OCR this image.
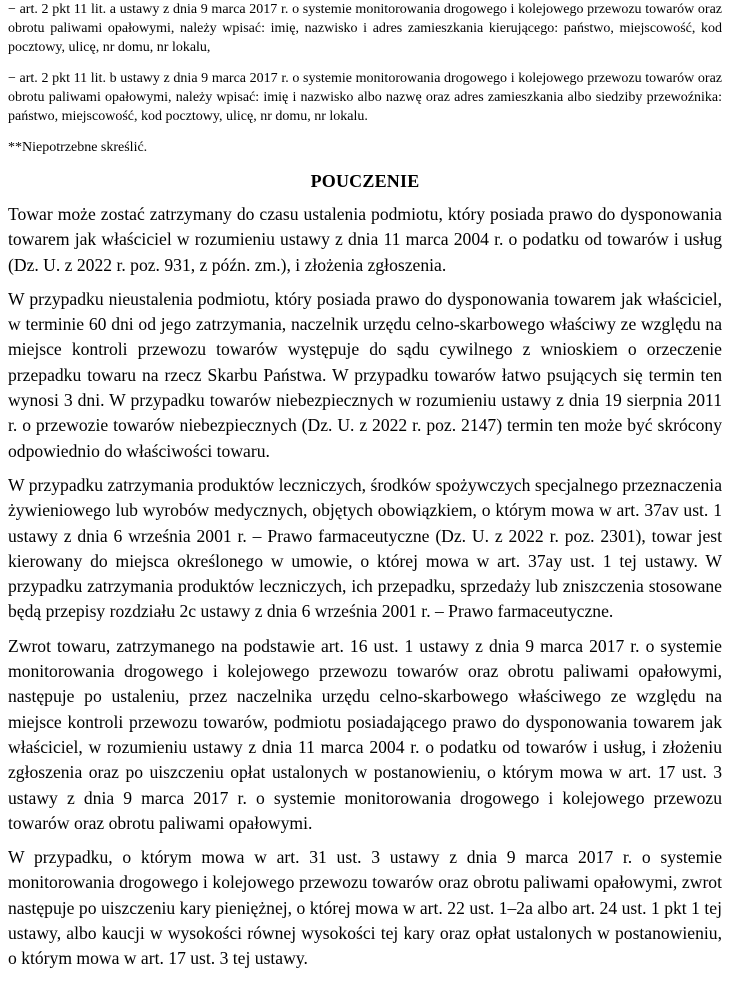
− art. 2 pkt 11 lit. a ustawy z dnia 9 marca 2017 r. o systemie monitorowania drogowego i kolejowego przewozu towarów oraz obrotu paliwami opałowymi, należy wpisać: imię, nazwisko i adres zamieszkania kierującego: państwo, miejscowość, kod pocztowy, ulicę, nr domu, nr lokalu,

− art. 2 pkt 11 lit. b ustawy z dnia 9 marca 2017 r. o systemie monitorowania drogowego i kolejowego przewozu towarów oraz obrotu paliwami opałowymi, należy wpisać: imię i nazwisko albo nazwę oraz adres zamieszkania albo siedziby przewoźnika: państwo, miejscowość, kod pocztowy, ulicę, nr domu, nr lokalu.

**Niepotrzebne skreślić.

POUCZENIE

Towar może zostać zatrzymany do czasu ustalenia podmiotu, który posiada prawo do dysponowania towarem jak właściciel w rozumieniu ustawy z dnia 11 marca 2004 r. o podatku od towarów i usług (Dz. U. z 2022 r. poz. 931, z późn. zm.), i złożenia zgłoszenia.

W przypadku nieustalenia podmiotu, który posiada prawo do dysponowania towarem jak właściciel, w terminie 60 dni od jego zatrzymania, naczelnik urzędu celno-skarbowego właściwy ze względu na miejsce kontroli przewozu towarów występuje do sądu cywilnego z wnioskiem o orzeczenie przepadku towaru na rzecz Skarbu Państwa. W przypadku towarów łatwo psujących się termin ten wynosi 3 dni. W przypadku towarów niebezpiecznych w rozumieniu ustawy z dnia 19 sierpnia 2011 r. o przewozie towarów niebezpiecznych (Dz. U. z 2022 r. poz. 2147) termin ten może być skrócony odpowiednio do właściwości towaru.

W przypadku zatrzymania produktów leczniczych, środków spożywczych specjalnego przeznaczenia żywieniowego lub wyrobów medycznych, objętych obowiązkiem, o którym mowa w art. 37av ust. 1 ustawy z dnia 6 września 2001 r. – Prawo farmaceutyczne (Dz. U. z 2022 r. poz. 2301), towar jest kierowany do miejsca określonego w umowie, o której mowa w art. 37ay ust. 1 tej ustawy. W przypadku zatrzymania produktów leczniczych, ich przepadku, sprzedaży lub zniszczenia stosowane będą przepisy rozdziału 2c ustawy z dnia 6 września 2001 r. – Prawo farmaceutyczne.

Zwrot towaru, zatrzymanego na podstawie art. 16 ust. 1 ustawy z dnia 9 marca 2017 r. o systemie monitorowania drogowego i kolejowego przewozu towarów oraz obrotu paliwami opałowymi, następuje po ustaleniu, przez naczelnika urzędu celno-skarbowego właściwego ze względu na miejsce kontroli przewozu towarów, podmiotu posiadającego prawo do dysponowania towarem jak właściciel, w rozumieniu ustawy z dnia 11 marca 2004 r. o podatku od towarów i usług, i złożeniu zgłoszenia oraz po uiszczeniu opłat ustalonych w postanowieniu, o którym mowa w art. 17 ust. 3 ustawy z dnia 9 marca 2017 r. o systemie monitorowania drogowego i kolejowego przewozu towarów oraz obrotu paliwami opałowymi.

W przypadku, o którym mowa w art. 31 ust. 3 ustawy z dnia 9 marca 2017 r. o systemie monitorowania drogowego i kolejowego przewozu towarów oraz obrotu paliwami opałowymi, zwrot następuje po uiszczeniu kary pieniężnej, o której mowa w art. 22 ust. 1–2a albo art. 24 ust. 1 pkt 1 tej ustawy, albo kaucji w wysokości równej wysokości tej kary oraz opłat ustalonych w postanowieniu, o którym mowa w art. 17 ust. 3 tej ustawy.
